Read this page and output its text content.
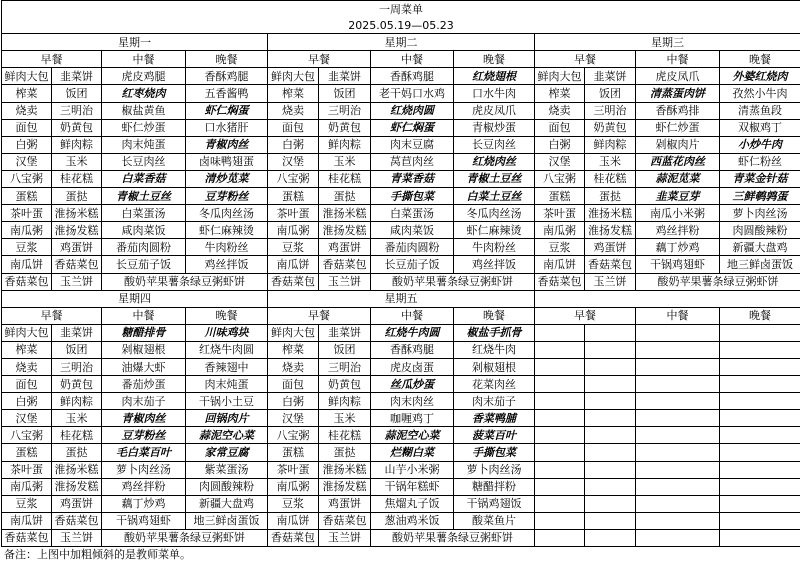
一周菜单											
2025.05.19—05.23											
星期一				星期二				星期三			
早餐		中餐	晚餐	早餐		中餐	晚餐	早餐		中餐	晚餐
鲜肉大包	韭菜饼	虎皮鸡腿	香酥鸡腿	鲜肉大包	韭菜饼	香酥鸡腿	红烧翅根	鲜肉大包	韭菜饼	虎皮凤爪	外婆红烧肉
榨菜	饭团	红枣烧肉	五香酱鸭	榨菜	饭团	老干妈口水鸡	口水牛肉	榨菜	饭团	清蒸蛋肉饼	孜然小牛肉
烧卖	三明治	椒盐黄鱼	虾仁焖蛋	烧卖	三明治	红烧肉圆	虎皮凤爪	烧卖	三明治	香酥鸡排	清蒸鱼段
面包	奶黄包	虾仁炒蛋	口水猪肝	面包	奶黄包	虾仁焖蛋	青椒炒蛋	面包	奶黄包	虾仁炒蛋	双椒鸡丁
白粥	鲜肉粽	肉末炖蛋	青椒肉丝	白粥	鲜肉粽	肉末豆腐	长豆肉丝	白粥	鲜肉粽	剁椒肉片	小炒牛肉
汉堡	玉米	长豆肉丝	卤味鸭翅蛋	汉堡	玉米	莴苣肉丝	红烧肉丝	汉堡	玉米	西蓝花肉丝	虾仁粉丝
八宝粥	桂花糕	白菜香菇	清炒苋菜	八宝粥	桂花糕	青菜香菇	青椒土豆丝	八宝粥	桂花糕	蒜泥苋菜	青菜金针菇
蛋糕	蛋挞	青椒土豆丝	豆芽粉丝	蛋糕	蛋挞	手撕包菜	白菜土豆丝	蛋糕	蛋挞	韭菜豆芽	三鲜鹌鹑蛋
茶叶蛋	淮扬米糕	白菜蛋汤	冬瓜肉丝汤	茶叶蛋	淮扬米糕	白菜蛋汤	冬瓜肉丝汤	茶叶蛋	淮扬米糕	南瓜小米粥	萝卜肉丝汤
南瓜粥	淮扬发糕	咸肉菜饭	虾仁麻辣烫	南瓜粥	淮扬发糕	咸肉菜饭	虾仁麻辣烫	南瓜粥	淮扬发糕	鸡丝拌粉	肉圆酸辣粉
豆浆	鸡蛋饼	番茄肉圆粉	牛肉粉丝	豆浆	鸡蛋饼	番茄肉圆粉	牛肉粉丝	豆浆	鸡蛋饼	藕丁炒鸡	新疆大盘鸡
南瓜饼	香菇菜包	长豆茄子饭	鸡丝拌饭	南瓜饼	香菇菜包	长豆茄子饭	鸡丝拌饭	南瓜饼	香菇菜包	干锅鸡翅虾	地三鲜卤蛋饭
香菇菜包	玉兰饼	酸奶苹果薯条绿豆粥虾饼		香菇菜包	玉兰饼	酸奶苹果薯条绿豆粥虾饼		香菇菜包	玉兰饼	酸奶苹果薯条绿豆粥虾饼	
星期四				星期五							
早餐		中餐	晚餐	早餐		中餐	晚餐	早餐		中餐	晚餐
鲜肉大包	韭菜饼	糖醋排骨	川味鸡块	鲜肉大包	韭菜饼	红烧牛肉圆	椒盐手抓骨				
榨菜	饭团	剁椒翅根	红烧牛肉圆	榨菜	饭团	香酥鸡腿	红烧牛肉				
烧卖	三明治	油爆大虾	香辣翅中	烧卖	三明治	虎皮卤蛋	剁椒翅根				
面包	奶黄包	番茄炒蛋	肉末炖蛋	面包	奶黄包	丝瓜炒蛋	花菜肉丝				
白粥	鲜肉粽	肉末茄子	干锅小土豆	白粥	鲜肉粽	肉末肉丝	肉末茄子				
汉堡	玉米	青椒肉丝	回锅肉片	汉堡	玉米	咖喱鸡丁	香菜鸭脯				
八宝粥	桂花糕	豆芽粉丝	蒜泥空心菜	八宝粥	桂花糕	蒜泥空心菜	菠菜百叶				
蛋糕	蛋挞	毛白菜百叶	家常豆腐	蛋糕	蛋挞	烂糊白菜	手撕包菜				
茶叶蛋	淮扬米糕	萝卜肉丝汤	紫菜蛋汤	茶叶蛋	淮扬米糕	山芋小米粥	萝卜肉丝汤				
南瓜粥	淮扬发糕	鸡丝拌粉	肉圆酸辣粉	南瓜粥	淮扬发糕	干锅年糕虾	糖醋拌粉				
豆浆	鸡蛋饼	藕丁炒鸡	新疆大盘鸡	豆浆	鸡蛋饼	焦熘丸子饭	干锅鸡翅饭				
南瓜饼	香菇菜包	干锅鸡翅虾	地三鲜卤蛋饭	南瓜饼	香菇菜包	葱油鸡米饭	酸菜鱼片				
香菇菜包	玉兰饼	酸奶苹果薯条绿豆粥虾饼		香菇菜包	玉兰饼	酸奶苹果薯条绿豆粥虾饼					
备注：上图中加粗倾斜的是教师菜单。
